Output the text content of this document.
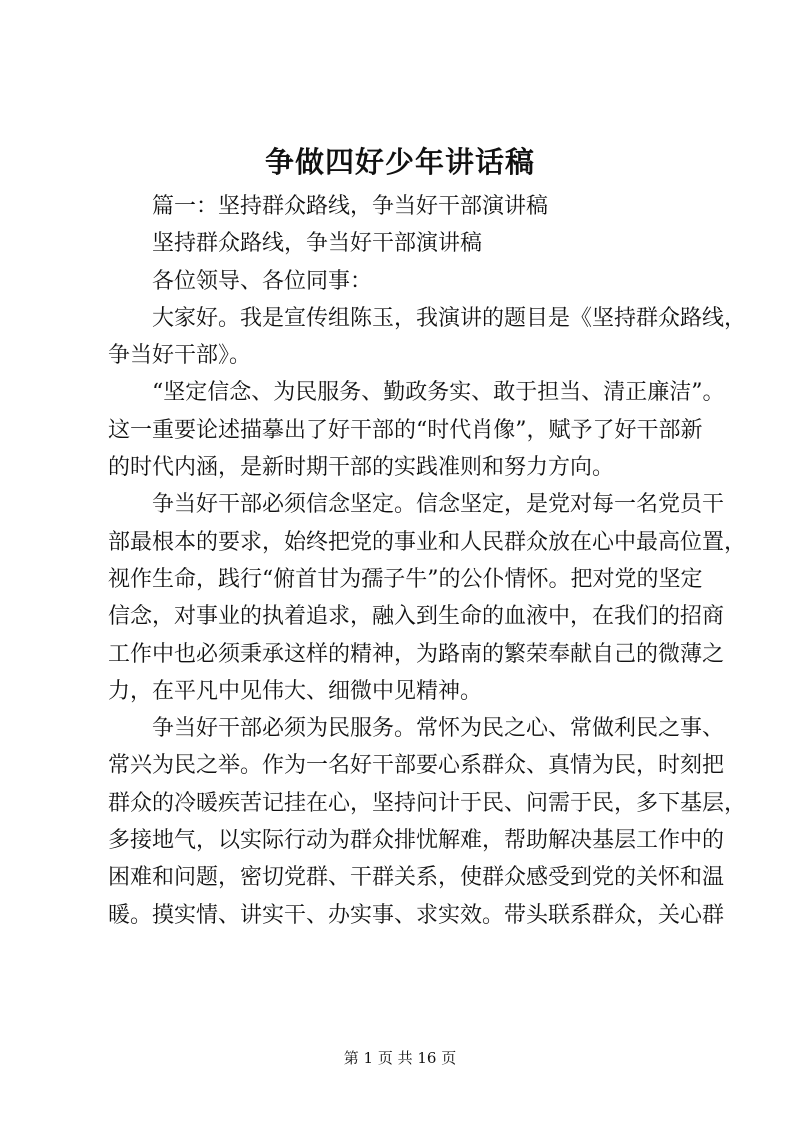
争做四好少年讲话稿
篇一：坚持群众路线，争当好干部演讲稿
坚持群众路线，争当好干部演讲稿
各位领导、各位同事：
大家好。我是宣传组陈玉，我演讲的题目是《坚持群众路线，
争当好干部》。
“坚定信念、为民服务、勤政务实、敢于担当、清正廉洁”。
这一重要论述描摹出了好干部的“时代肖像”，赋予了好干部新
的时代内涵，是新时期干部的实践准则和努力方向。
争当好干部必须信念坚定。信念坚定，是党对每一名党员干
部最根本的要求，始终把党的事业和人民群众放在心中最高位置，
视作生命，践行“俯首甘为孺子牛”的公仆情怀。把对党的坚定
信念，对事业的执着追求，融入到生命的血液中，在我们的招商
工作中也必须秉承这样的精神，为路南的繁荣奉献自己的微薄之
力，在平凡中见伟大、细微中见精神。
争当好干部必须为民服务。常怀为民之心、常做利民之事、
常兴为民之举。作为一名好干部要心系群众、真情为民，时刻把
群众的冷暖疾苦记挂在心，坚持问计于民、问需于民，多下基层，
多接地气，以实际行动为群众排忧解难，帮助解决基层工作中的
困难和问题，密切党群、干群关系，使群众感受到党的关怀和温
暖。摸实情、讲实干、办实事、求实效。带头联系群众，关心群
第 1 页 共 16 页
